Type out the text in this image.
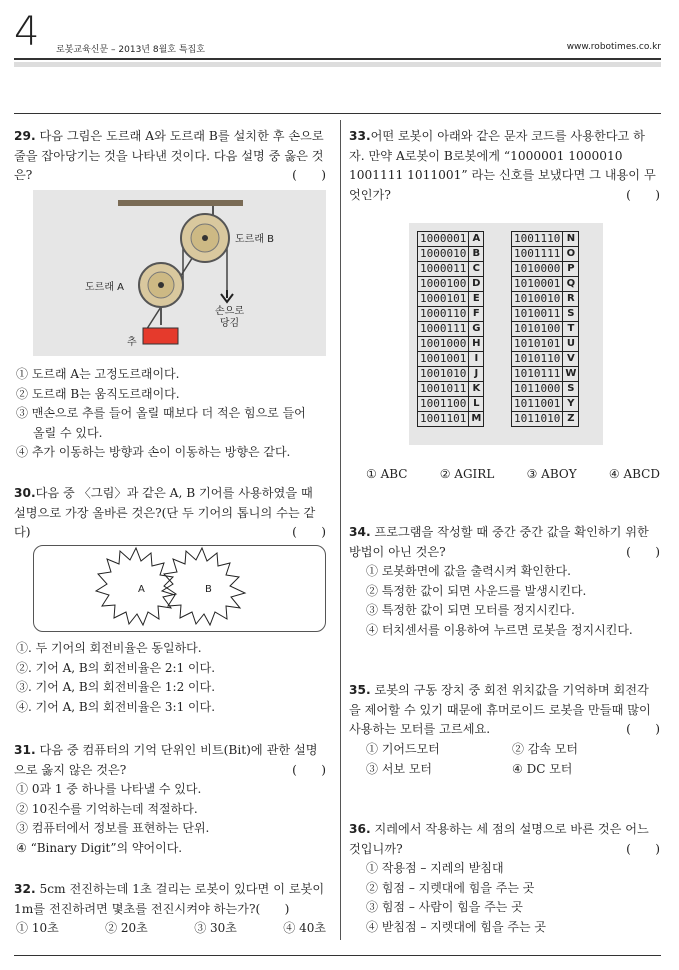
4 로봇교육신문 – 2013년 8월호 특집호	www.robotimes.co.kr
29. 다음 그림은 도르래 A와 도르래 B를 설치한 후 손으로 줄을 잡아당기는 것을 나타낸 것이다. 다음 설명 중 옳은 것은?	(　　)
도르래 B
도르래 A
손으로
당김
추
① 도르래 A는 고정도르래이다.
② 도르래 B는 움직도르래이다.
③ 맨손으로 추를 들어 올릴 때보다 더 적은 힘으로 들어
올릴 수 있다.
④ 추가 이동하는 방향과 손이 이동하는 방향은 같다.
30.다음 중 〈그림〉과 같은 A, B 기어를 사용하였을 때 설명으로 가장 올바른 것은?(단 두 기어의 톱니의 수는 같다)	(　　)
A	B
①. 두 기어의 회전비율은 동일하다.
②. 기어 A, B의 회전비율은 2:1 이다.
③. 기어 A, B의 회전비율은 1:2 이다.
④. 기어 A, B의 회전비율은 3:1 이다.
31. 다음 중 컴퓨터의 기억 단위인 비트(Bit)에 관한 설명으로 옳지 않은 것은?	(　　)
① 0과 1 중 하나를 나타낼 수 있다.
② 10진수를 기억하는데 적절하다.
③ 컴퓨터에서 정보를 표현하는 단위.
④ “Binary Digit”의 약어이다.
32. 5cm 전진하는데 1초 걸리는 로봇이 있다면 이 로봇이 1m를 전진하려면 몇초를 전진시켜야 하는가?(　　)
① 10초	② 20초	③ 30초	④ 40초
33.어떤 로봇이 아래와 같은 문자 코드를 사용한다고 하자. 만약 A로봇이 B로봇에게 “1000001 1000010 1001111 1011001” 라는 신호를 보냈다면 그 내용이 무엇인가?	(　　)
1000001	A
1000010	B
1000011	C
1000100	D
1000101	E
1000110	F
1000111	G
1001000	H
1001001	I
1001010	J
1001011	K
1001100	L
1001101	M
1001110	N
1001111	O
1010000	P
1010001	Q
1010010	R
1010011	S
1010100	T
1010101	U
1010110	V
1010111	W
1011000	S
1011001	Y
1011010	Z
① ABC	② AGIRL	③ ABOY	④ ABCD
34. 프로그램을 작성할 때 중간 중간 값을 확인하기 위한 방법이 아닌 것은?	(　　)
① 로봇화면에 값을 출력시켜 확인한다.
② 특정한 값이 되면 사운드를 발생시킨다.
③ 특정한 값이 되면 모터를 정지시킨다.
④ 터치센서를 이용하여 누르면 로봇을 정지시킨다.
35. 로봇의 구동 장치 중 회전 위치값을 기억하며 회전각을 제어할 수 있기 때문에 휴머로이드 로봇을 만들때 많이 사용하는 모터를 고르세요.	(　　)
① 기어드모터	② 감속 모터
③ 서보 모터	④ DC 모터
36. 지레에서 작용하는 세 점의 설명으로 바른 것은 어느 것입니까?	(　　)
① 작용점 – 지레의 받침대
② 힘점 – 지렛대에 힘을 주는 곳
③ 힘점 – 사람이 힘을 주는 곳
④ 받침점 – 지렛대에 힘을 주는 곳
